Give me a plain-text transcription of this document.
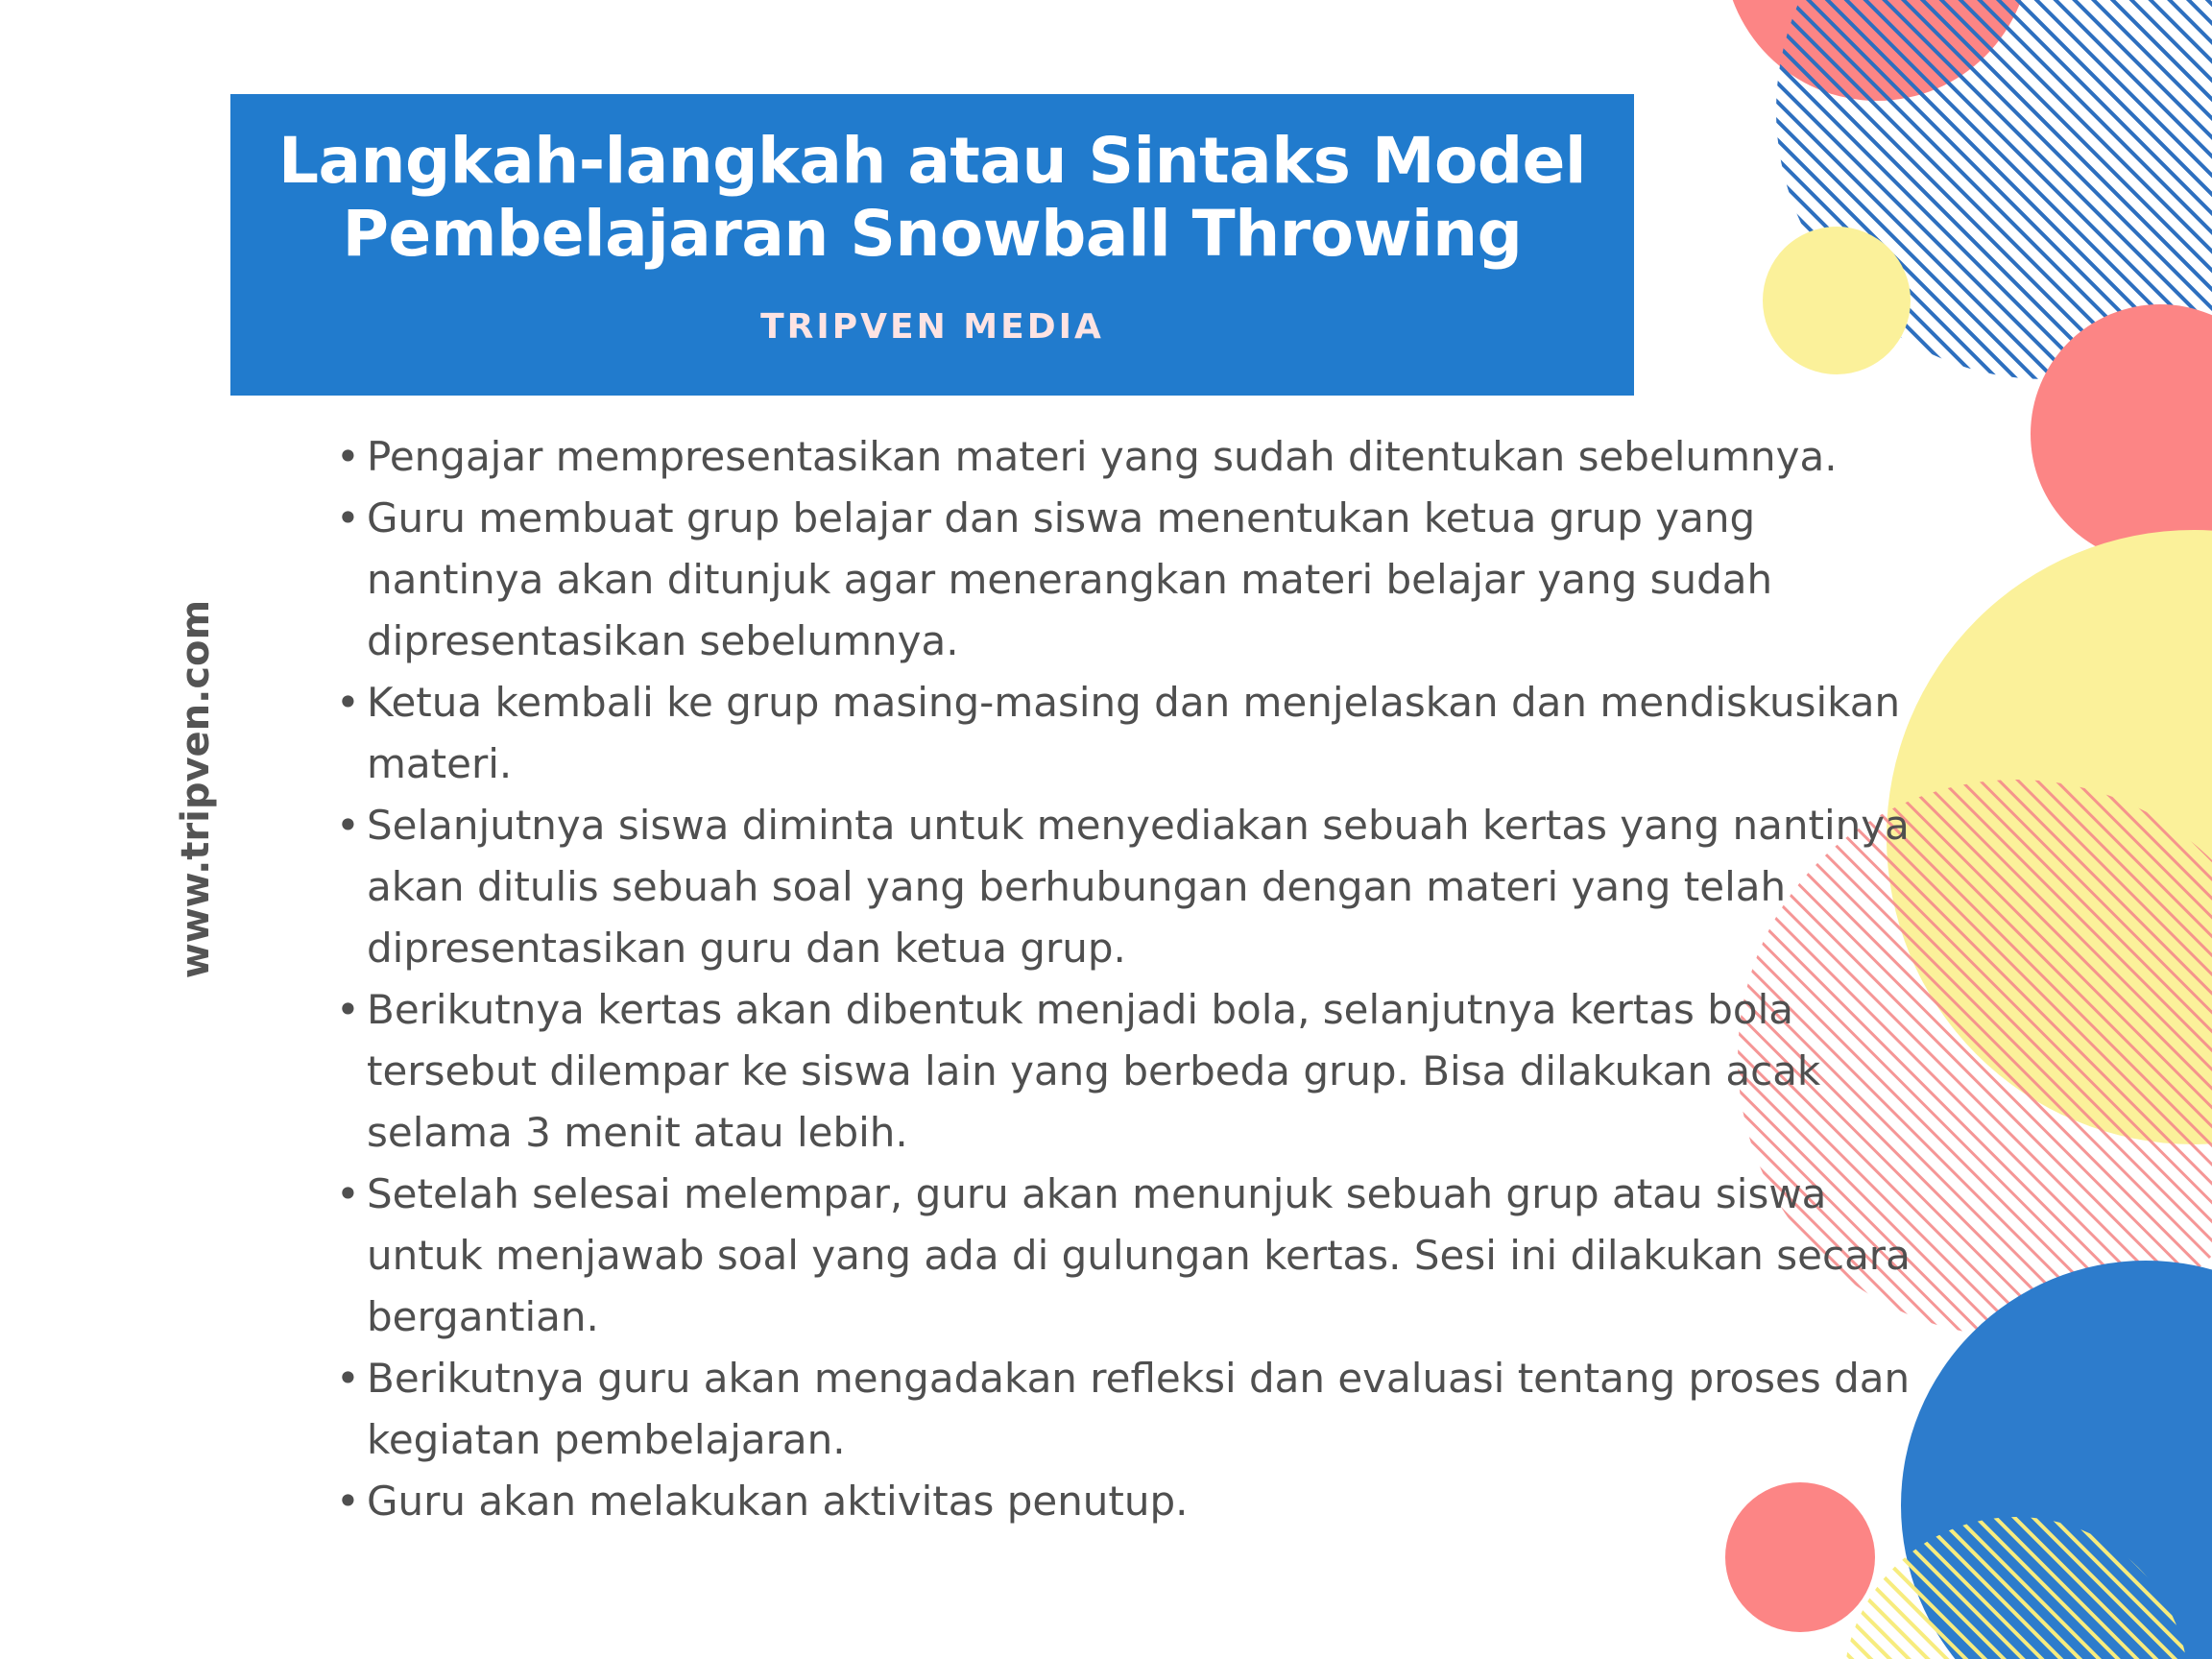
Langkah-langkah atau Sintaks Model
Pembelajaran Snowball Throwing
TRIPVEN MEDIA
www.tripven.com
• Pengajar mempresentasikan materi yang sudah ditentukan sebelumnya.
• Guru membuat grup belajar dan siswa menentukan ketua grup yang nantinya akan ditunjuk agar menerangkan materi belajar yang sudah dipresentasikan sebelumnya.
• Ketua kembali ke grup masing-masing dan menjelaskan dan mendiskusikan materi.
• Selanjutnya siswa diminta untuk menyediakan sebuah kertas yang nantinya akan ditulis sebuah soal yang berhubungan dengan materi yang telah dipresentasikan guru dan ketua grup.
• Berikutnya kertas akan dibentuk menjadi bola, selanjutnya kertas bola tersebut dilempar ke siswa lain yang berbeda grup. Bisa dilakukan acak selama 3 menit atau lebih.
• Setelah selesai melempar, guru akan menunjuk sebuah grup atau siswa untuk menjawab soal yang ada di gulungan kertas. Sesi ini dilakukan secara bergantian.
• Berikutnya guru akan mengadakan refleksi dan evaluasi tentang proses dan kegiatan pembelajaran.
• Guru akan melakukan aktivitas penutup.
